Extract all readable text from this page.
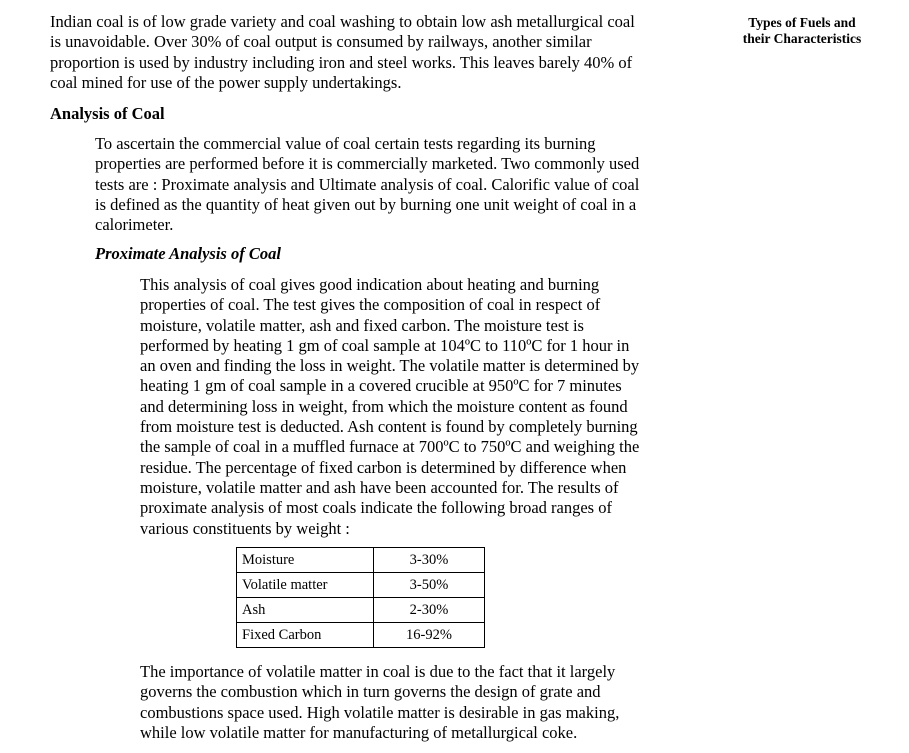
Types of Fuels and
their Characteristics

Indian coal is of low grade variety and coal washing to obtain low ash metallurgical coal
is unavoidable. Over 30% of coal output is consumed by railways, another similar
proportion is used by industry including iron and steel works. This leaves barely 40% of
coal mined for use of the power supply undertakings.

Analysis of Coal

To ascertain the commercial value of coal certain tests regarding its burning
properties are performed before it is commercially marketed. Two commonly used
tests are : Proximate analysis and Ultimate analysis of coal. Calorific value of coal
is defined as the quantity of heat given out by burning one unit weight of coal in a
calorimeter.

Proximate Analysis of Coal

This analysis of coal gives good indication about heating and burning
properties of coal. The test gives the composition of coal in respect of
moisture, volatile matter, ash and fixed carbon. The moisture test is
performed by heating 1 gm of coal sample at 104ºC to 110ºC for 1 hour in
an oven and finding the loss in weight. The volatile matter is determined by
heating 1 gm of coal sample in a covered crucible at 950ºC for 7 minutes
and determining loss in weight, from which the moisture content as found
from moisture test is deducted. Ash content is found by completely burning
the sample of coal in a muffled furnace at 700ºC to 750ºC and weighing the
residue. The percentage of fixed carbon is determined by difference when
moisture, volatile matter and ash have been accounted for. The results of
proximate analysis of most coals indicate the following broad ranges of
various constituents by weight :

Moisture	3-30%
Volatile matter	3-50%
Ash	2-30%
Fixed Carbon	16-92%

The importance of volatile matter in coal is due to the fact that it largely
governs the combustion which in turn governs the design of grate and
combustions space used. High volatile matter is desirable in gas making,
while low volatile matter for manufacturing of metallurgical coke.
